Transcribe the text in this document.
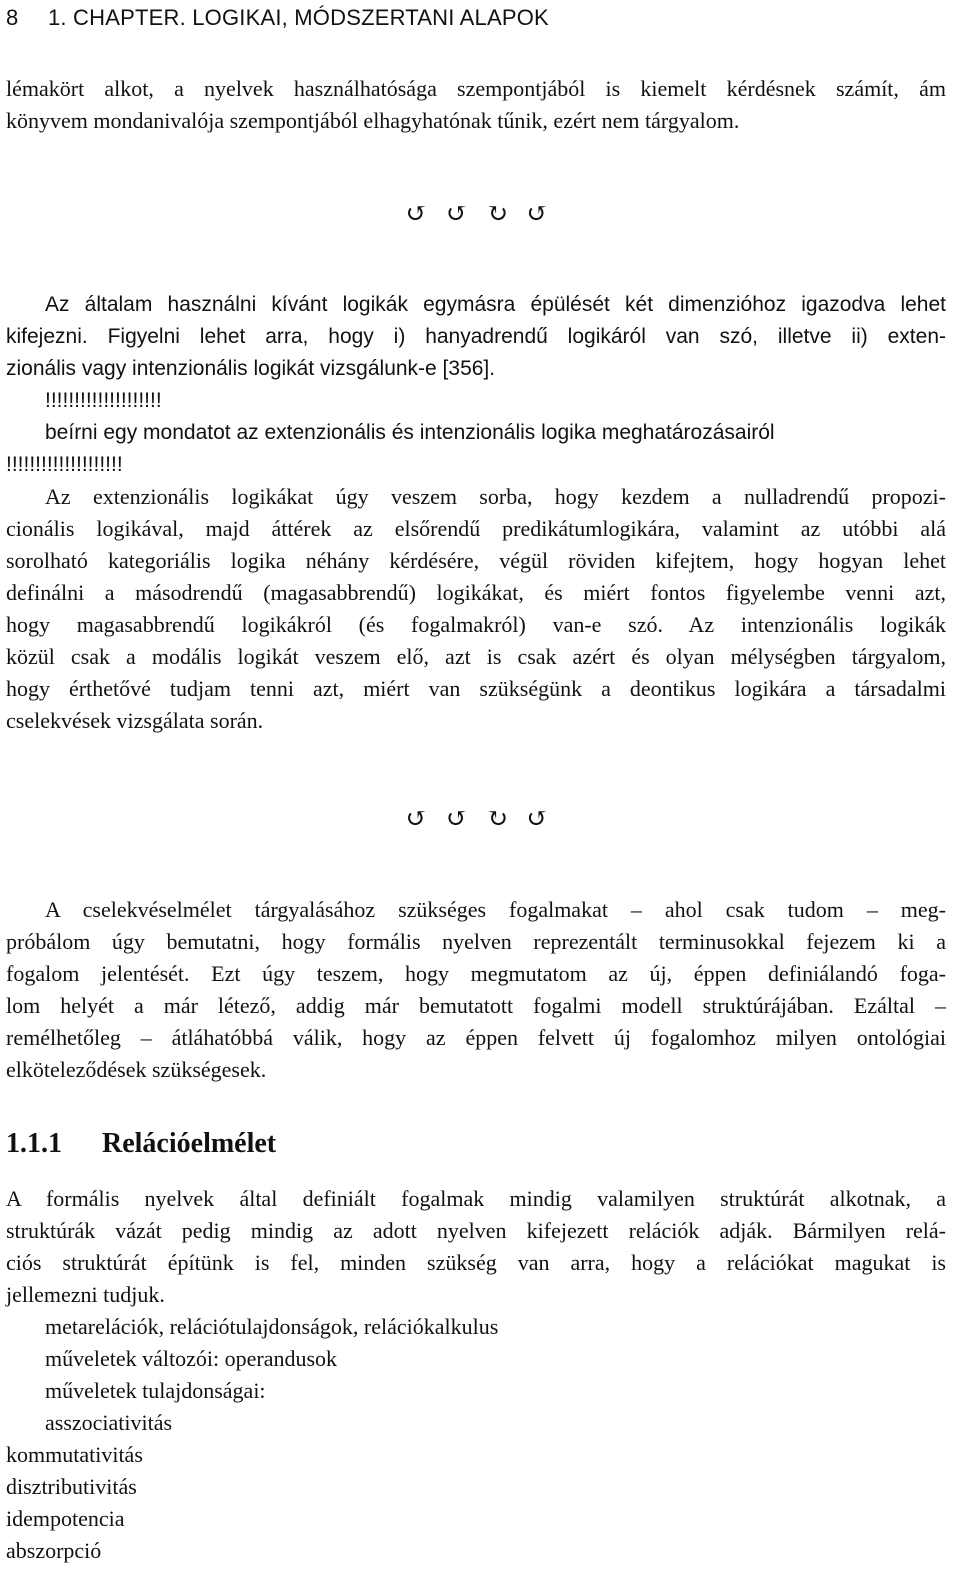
8 1. CHAPTER. LOGIKAI, MÓDSZERTANI ALAPOK
lémakört alkot, a nyelvek használhatósága szempontjából is kiemelt kérdésnek számít, ám
könyvem mondanivalója szempontjából elhagyhatónak tűnik, ezért nem tárgyalom.
↺ ↺ ↻ ↺
Az általam használni kívánt logikák egymásra épülését két dimenzióhoz igazodva lehet
kifejezni. Figyelni lehet arra, hogy i) hanyadrendű logikáról van szó, illetve ii) exten-
zionális vagy intenzionális logikát vizsgálunk-e [356].
!!!!!!!!!!!!!!!!!!!!
beírni egy mondatot az extenzionális és intenzionális logika meghatározásairól
!!!!!!!!!!!!!!!!!!!!
Az extenzionális logikákat úgy veszem sorba, hogy kezdem a nulladrendű propozi-
cionális logikával, majd áttérek az elsőrendű predikátumlogikára, valamint az utóbbi alá
sorolható kategoriális logika néhány kérdésére, végül röviden kifejtem, hogy hogyan lehet
definálni a másodrendű (magasabbrendű) logikákat, és miért fontos figyelembe venni azt,
hogy magasabbrendű logikákról (és fogalmakról) van-e szó. Az intenzionális logikák
közül csak a modális logikát veszem elő, azt is csak azért és olyan mélységben tárgyalom,
hogy érthetővé tudjam tenni azt, miért van szükségünk a deontikus logikára a társadalmi
cselekvések vizsgálata során.
↺ ↺ ↻ ↺
A cselekvéselmélet tárgyalásához szükséges fogalmakat – ahol csak tudom – meg-
próbálom úgy bemutatni, hogy formális nyelven reprezentált terminusokkal fejezem ki a
fogalom jelentését. Ezt úgy teszem, hogy megmutatom az új, éppen definiálandó foga-
lom helyét a már létező, addig már bemutatott fogalmi modell struktúrájában. Ezáltal –
remélhetőleg – átláhatóbbá válik, hogy az éppen felvett új fogalomhoz milyen ontológiai
elköteleződések szükségesek.
1.1.1 Relációelmélet
A formális nyelvek által definiált fogalmak mindig valamilyen struktúrát alkotnak, a
struktúrák vázát pedig mindig az adott nyelven kifejezett relációk adják. Bármilyen relá-
ciós struktúrát építünk is fel, minden szükség van arra, hogy a relációkat magukat is
jellemezni tudjuk.
metarelációk, relációtulajdonságok, relációkalkulus
műveletek változói: operandusok
műveletek tulajdonságai:
asszociativitás
kommutativitás
disztributivitás
idempotencia
abszorpció
